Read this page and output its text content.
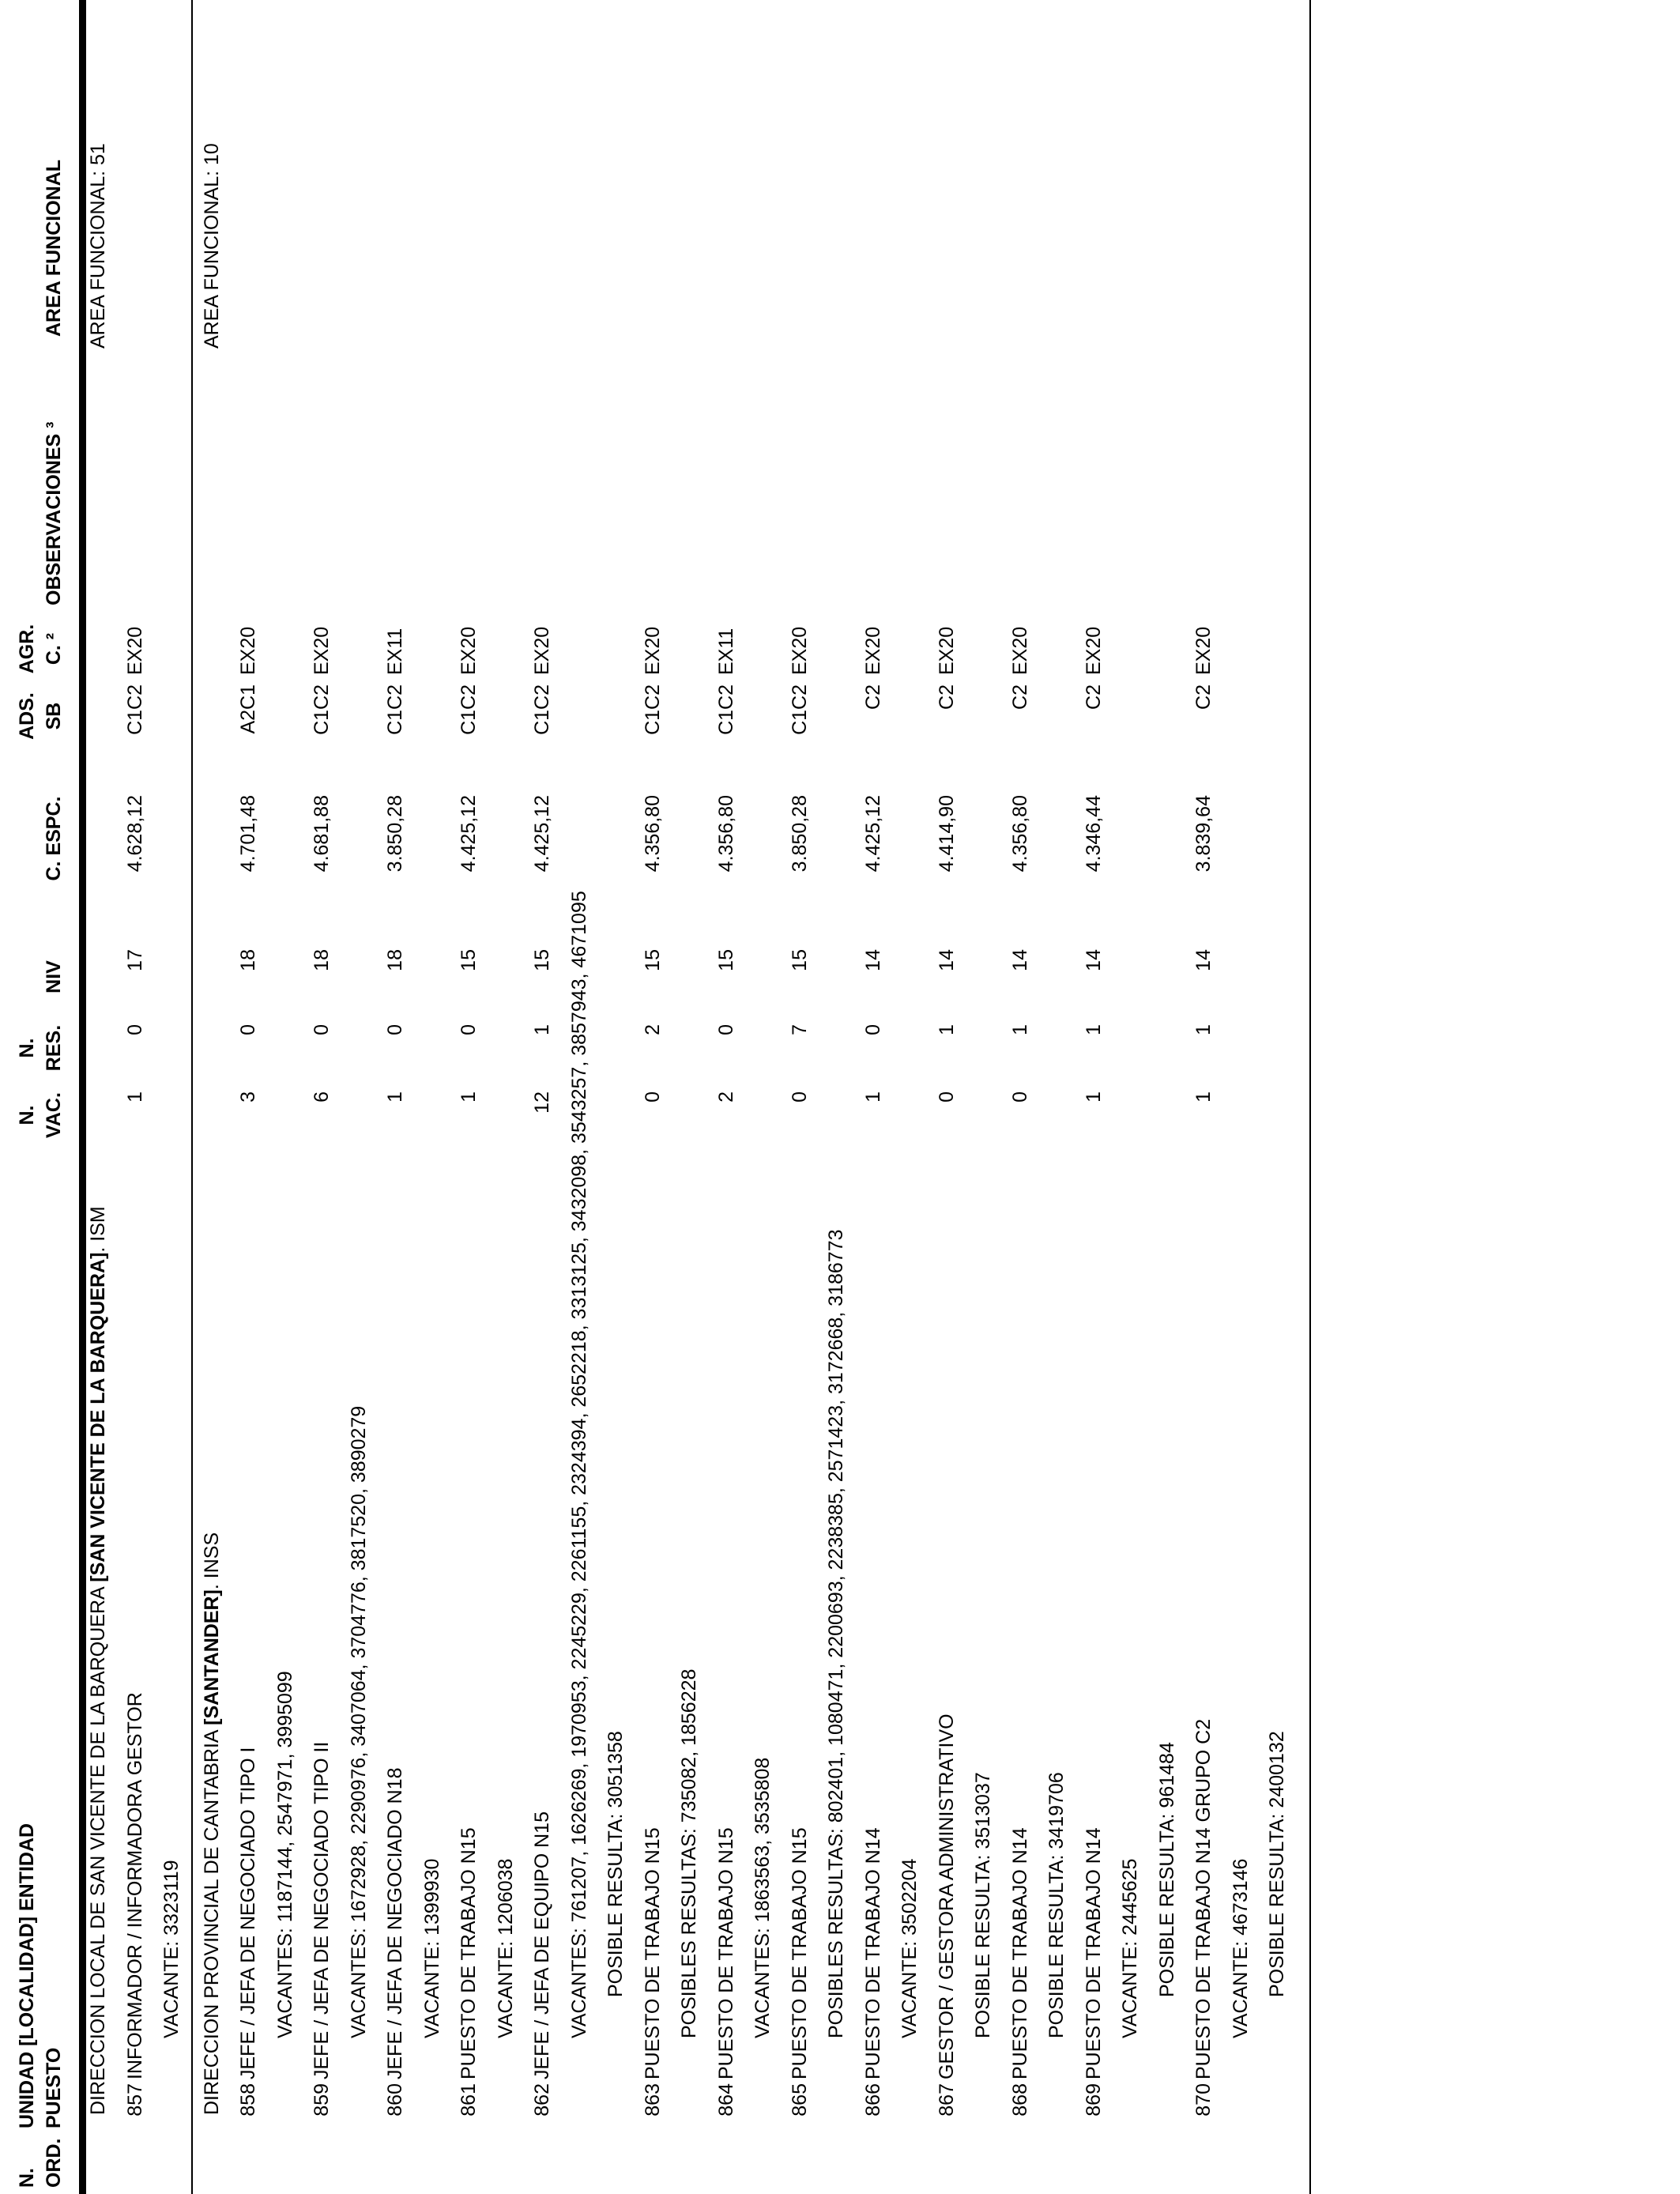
N. ORD.
UNIDAD [LOCALIDAD] ENTIDAD PUESTO
N. VAC.
N. RES.
NIV
C. ESPC.
ADS. SB
AGR. C. ²
OBSERVACIONES ³
AREA FUNCIONAL
DIRECCION LOCAL DE SAN VICENTE DE LA BARQUERA [SAN VICENTE DE LA BARQUERA]. ISM
AREA FUNCIONAL: 51
857
INFORMADOR / INFORMADORA GESTOR
1
0
17
4.628,12
C1C2
EX20
VACANTE: 3323119 DIRECCION PROVINCIAL DE CANTABRIA [SANTANDER]. INSS
AREA FUNCIONAL: 10
858
JEFE / JEFA DE NEGOCIADO TIPO I
3
0
18
4.701,48
A2C1
EX20
VACANTES: 1187144, 2547971, 3995099
859
JEFE / JEFA DE NEGOCIADO TIPO II
6
0
18
4.681,88
C1C2
EX20
VACANTES: 1672928, 2290976, 3407064, 3704776, 3817520, 3890279
860
JEFE / JEFA DE NEGOCIADO N18
1
0
18
3.850,28
C1C2
EX11
VACANTE: 1399930
861
PUESTO DE TRABAJO N15
1
0
15
4.425,12
C1C2
EX20
VACANTE: 1206038
862
JEFE / JEFA DE EQUIPO N15
12
1
15
4.425,12
C1C2
EX20
VACANTES: 761207, 1626269, 1970953, 2245229, 2261155, 2324394, 2652218, 3313125, 3432098, 3543257, 3857943, 4671095 POSIBLE RESULTA: 3051358
863
PUESTO DE TRABAJO N15
0
2
15
4.356,80
C1C2
EX20
POSIBLES RESULTAS: 735082, 1856228
864
PUESTO DE TRABAJO N15
2
0
15
4.356,80
C1C2
EX11
VACANTES: 1863563, 3535808
865
PUESTO DE TRABAJO N15
0
7
15
3.850,28
C1C2
EX20
POSIBLES RESULTAS: 802401, 1080471, 2200693, 2238385, 2571423, 3172668, 3186773
866
PUESTO DE TRABAJO N14
1
0
14
4.425,12
C2
EX20
VACANTE: 3502204
867
GESTOR / GESTORA ADMINISTRATIVO
0
1
14
4.414,90
C2
EX20
POSIBLE RESULTA: 3513037
868
PUESTO DE TRABAJO N14
0
1
14
4.356,80
C2
EX20
POSIBLE RESULTA: 3419706
869
PUESTO DE TRABAJO N14
1
1
14
4.346,44
C2
EX20
VACANTE: 2445625 POSIBLE RESULTA: 961484
870
PUESTO DE TRABAJO N14 GRUPO C2
1
1
14
3.839,64
C2
EX20
VACANTE: 4673146 POSIBLE RESULTA: 2400132
